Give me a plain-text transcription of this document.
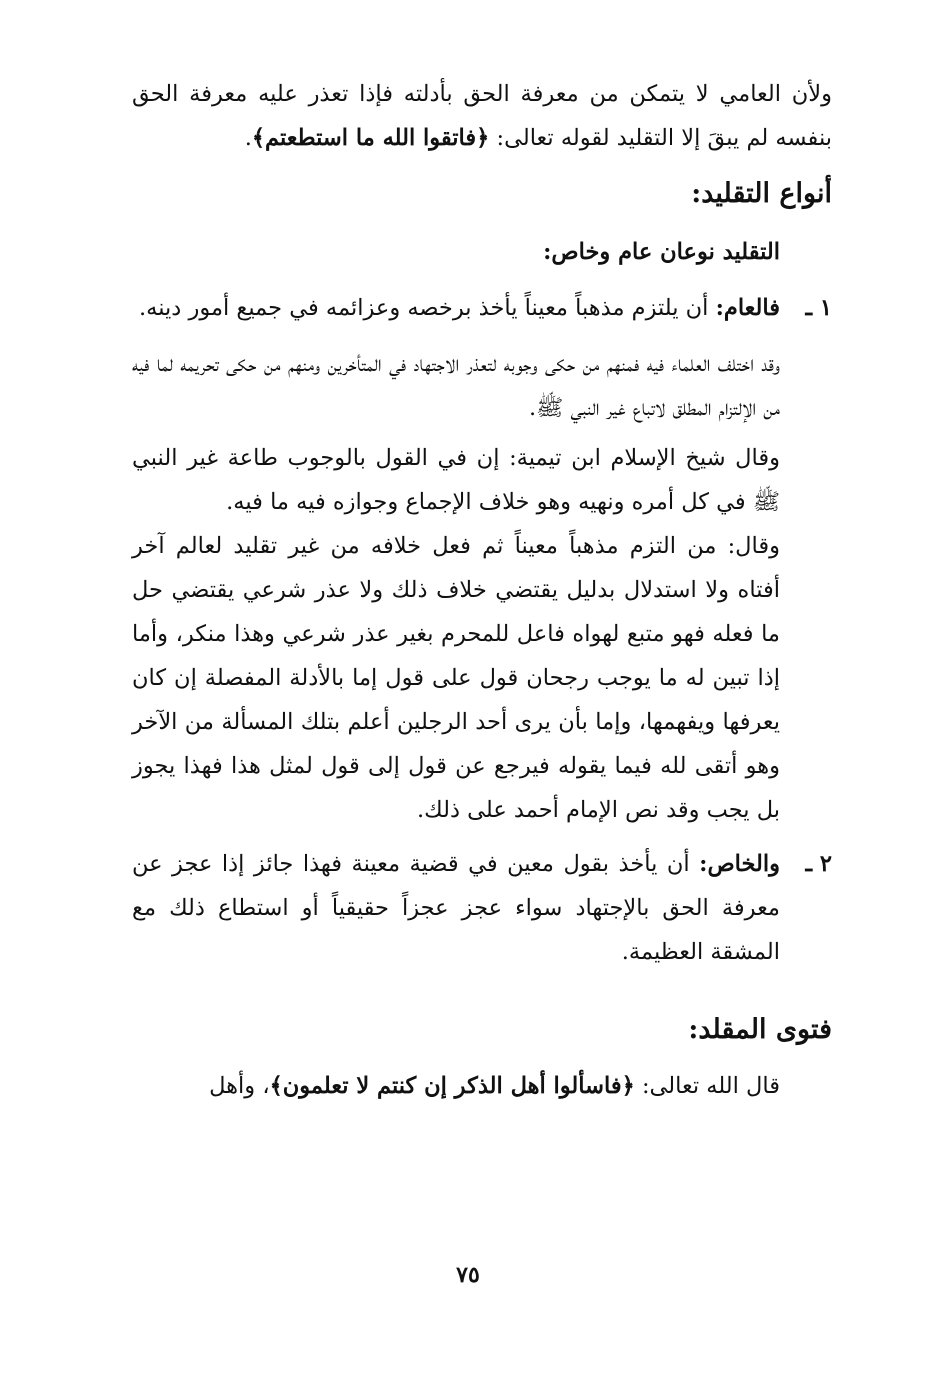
ولأن العامي لا يتمكن من معرفة الحق بأدلته فإذا تعذر عليه معرفة الحق بنفسه لم يبقَ إلا التقليد لقوله تعالى: ﴿فاتقوا الله ما استطعتم﴾.

أنواع التقليد:

التقليد نوعان عام وخاص:

١ ـ

فالعام: أن يلتزم مذهباً معيناً يأخذ برخصه وعزائمه في جميع أمور دينه.

وقد اختلف العلماء فيه فمنهم من حكى وجوبه لتعذر الاجتهاد في المتأخرين ومنهم من حكى تحريمه لما فيه من الإلتزام المطلق لاتباع غير النبي ﷺ.

وقال شيخ الإسلام ابن تيمية: إن في القول بالوجوب طاعة غير النبي ﷺ في كل أمره ونهيه وهو خلاف الإجماع وجوازه فيه ما فيه.

وقال: من التزم مذهباً معيناً ثم فعل خلافه من غير تقليد لعالم آخر أفتاه ولا استدلال بدليل يقتضي خلاف ذلك ولا عذر شرعي يقتضي حل ما فعله فهو متبع لهواه فاعل للمحرم بغير عذر شرعي وهذا منكر، وأما إذا تبين له ما يوجب رجحان قول على قول إما بالأدلة المفصلة إن كان يعرفها ويفهمها، وإما بأن يرى أحد الرجلين أعلم بتلك المسألة من الآخر وهو أتقى لله فيما يقوله فيرجع عن قول إلى قول لمثل هذا فهذا يجوز بل يجب وقد نص الإمام أحمد على ذلك.

٢ ـ

والخاص: أن يأخذ بقول معين في قضية معينة فهذا جائز إذا عجز عن معرفة الحق بالإجتهاد سواء عجز عجزاً حقيقياً أو استطاع ذلك مع المشقة العظيمة.

فتوى المقلد:

قال الله تعالى: ﴿فاسألوا أهل الذكر إن كنتم لا تعلمون﴾، وأهل

٧٥
